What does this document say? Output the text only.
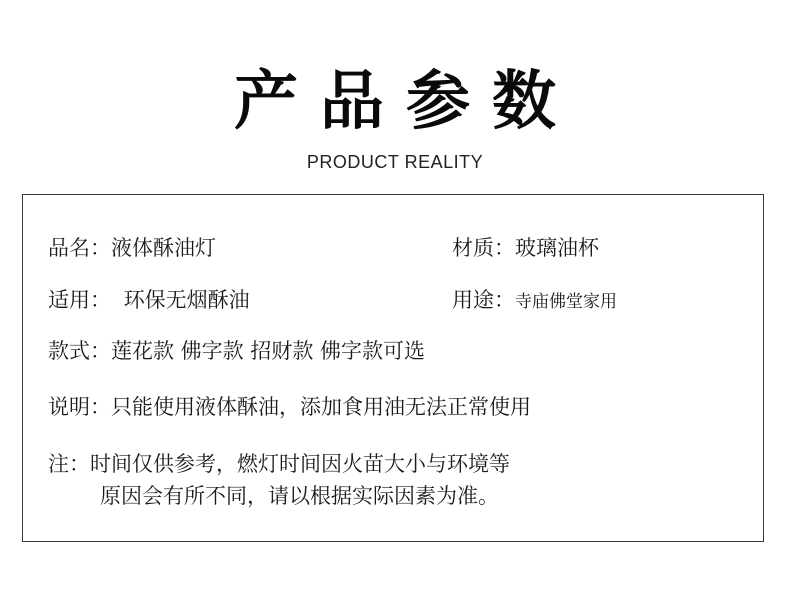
产品参数
PRODUCT REALITY
品名：液体酥油灯	材质：玻璃油杯
适用： 环保无烟酥油	用途：寺庙佛堂家用
款式：莲花款 佛字款 招财款 佛字款可选
说明：只能使用液体酥油，添加食用油无法正常使用
注：时间仅供参考，燃灯时间因火苗大小与环境等
原因会有所不同，请以根据实际因素为准。
